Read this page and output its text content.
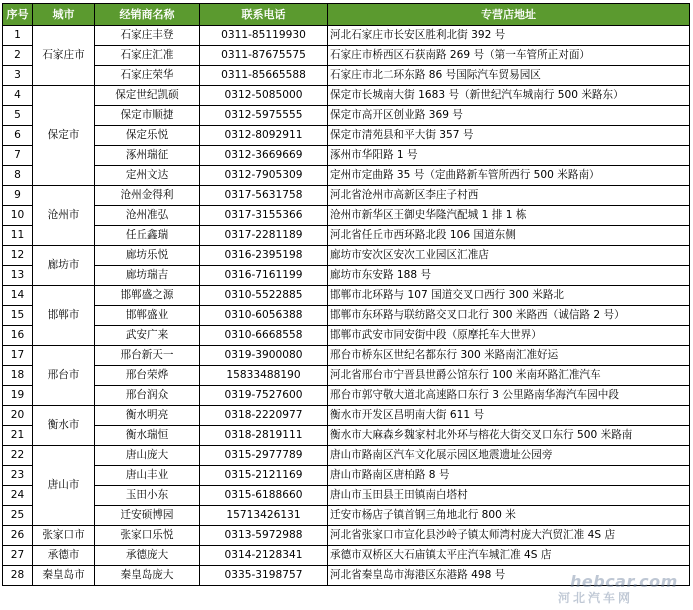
序号	城市	经销商名称	联系电话	专营店地址
1	石家庄市	石家庄丰登	0311-85119930	河北石家庄市长安区胜利北街 392 号
2		石家庄汇准	0311-87675575	石家庄市桥西区石获南路 269 号（第一车管所正对面）
3		石家庄荣华	0311-85665588	石家庄市北二环东路 86 号国际汽车贸易园区
4	保定市	保定世纪凯硕	0312-5085000	保定市长城南大街 1683 号（新世纪汽车城南行 500 米路东）
5		保定市顺捷	0312-5975555	保定市高开区创业路 369 号
6		保定乐悦	0312-8092911	保定市清苑县和平大街 357 号
7		涿州瑞征	0312-3669669	涿州市华阳路 1 号
8		定州文达	0312-7905309	定州市定曲路 35 号（定曲路新车管所西行 500 米路南）
9	沧州市	沧州金得利	0317-5631758	河北省沧州市高新区李庄子村西
10		沧州准弘	0317-3155366	沧州市新华区王御史华隆汽配城 1 排 1 栋
11		任丘鑫瑞	0317-2281189	河北省任丘市西环路北段 106 国道东侧
12	廊坊市	廊坊乐悦	0316-2395198	廊坊市安次区安次工业园区汇准店
13		廊坊瑞吉	0316-7161199	廊坊市东安路 188 号
14	邯郸市	邯郸盛之源	0310-5522885	邯郸市北环路与 107 国道交叉口西行 300 米路北
15		邯郸盛业	0310-6056388	邯郸市东环路与联纺路交叉口北行 300 米路西（诚信路 2 号）
16		武安广来	0310-6668558	邯郸市武安市同安街中段（原摩托车大世界）
17	邢台市	邢台新天一	0319-3900080	邢台市桥东区世纪名都东行 300 米路南汇准好运
18		邢台荣烨	15833488190	河北省邢台市宁晋县世爵公馆东行 100 米南环路汇准汽车
19		邢台润众	0319-7527600	邢台市郭守敬大道北高速路口东行 3 公里路南华海汽车园中段
20	衡水市	衡水明亮	0318-2220977	衡水市开发区昌明南大街 611 号
21		衡水瑞恒	0318-2819111	衡水市大麻森乡魏家村北外环与榕花大街交叉口东行 500 米路南
22	唐山市	唐山庞大	0315-2977789	唐山市路南区汽车文化展示园区地震遗址公园旁
23		唐山丰业	0315-2121169	唐山市路南区唐柏路 8 号
24		玉田小东	0315-6188660	唐山市玉田县王田镇南白塔村
25		迁安硕博园	15713426131	迁安市杨店子镇首钢三角地北行 800 米
26	张家口市	张家口乐悦	0313-5972988	河北省张家口市宣化县沙岭子镇太师湾村庞大汽贸汇准 4S 店
27	承德市	承德庞大	0314-2128341	承德市双桥区大石庙镇太平庄汽车城汇准 4S 店
28	秦皇岛市	秦皇岛庞大	0335-3198757	河北省秦皇岛市海港区东港路 498 号	hebcar.com
河北汽车网
